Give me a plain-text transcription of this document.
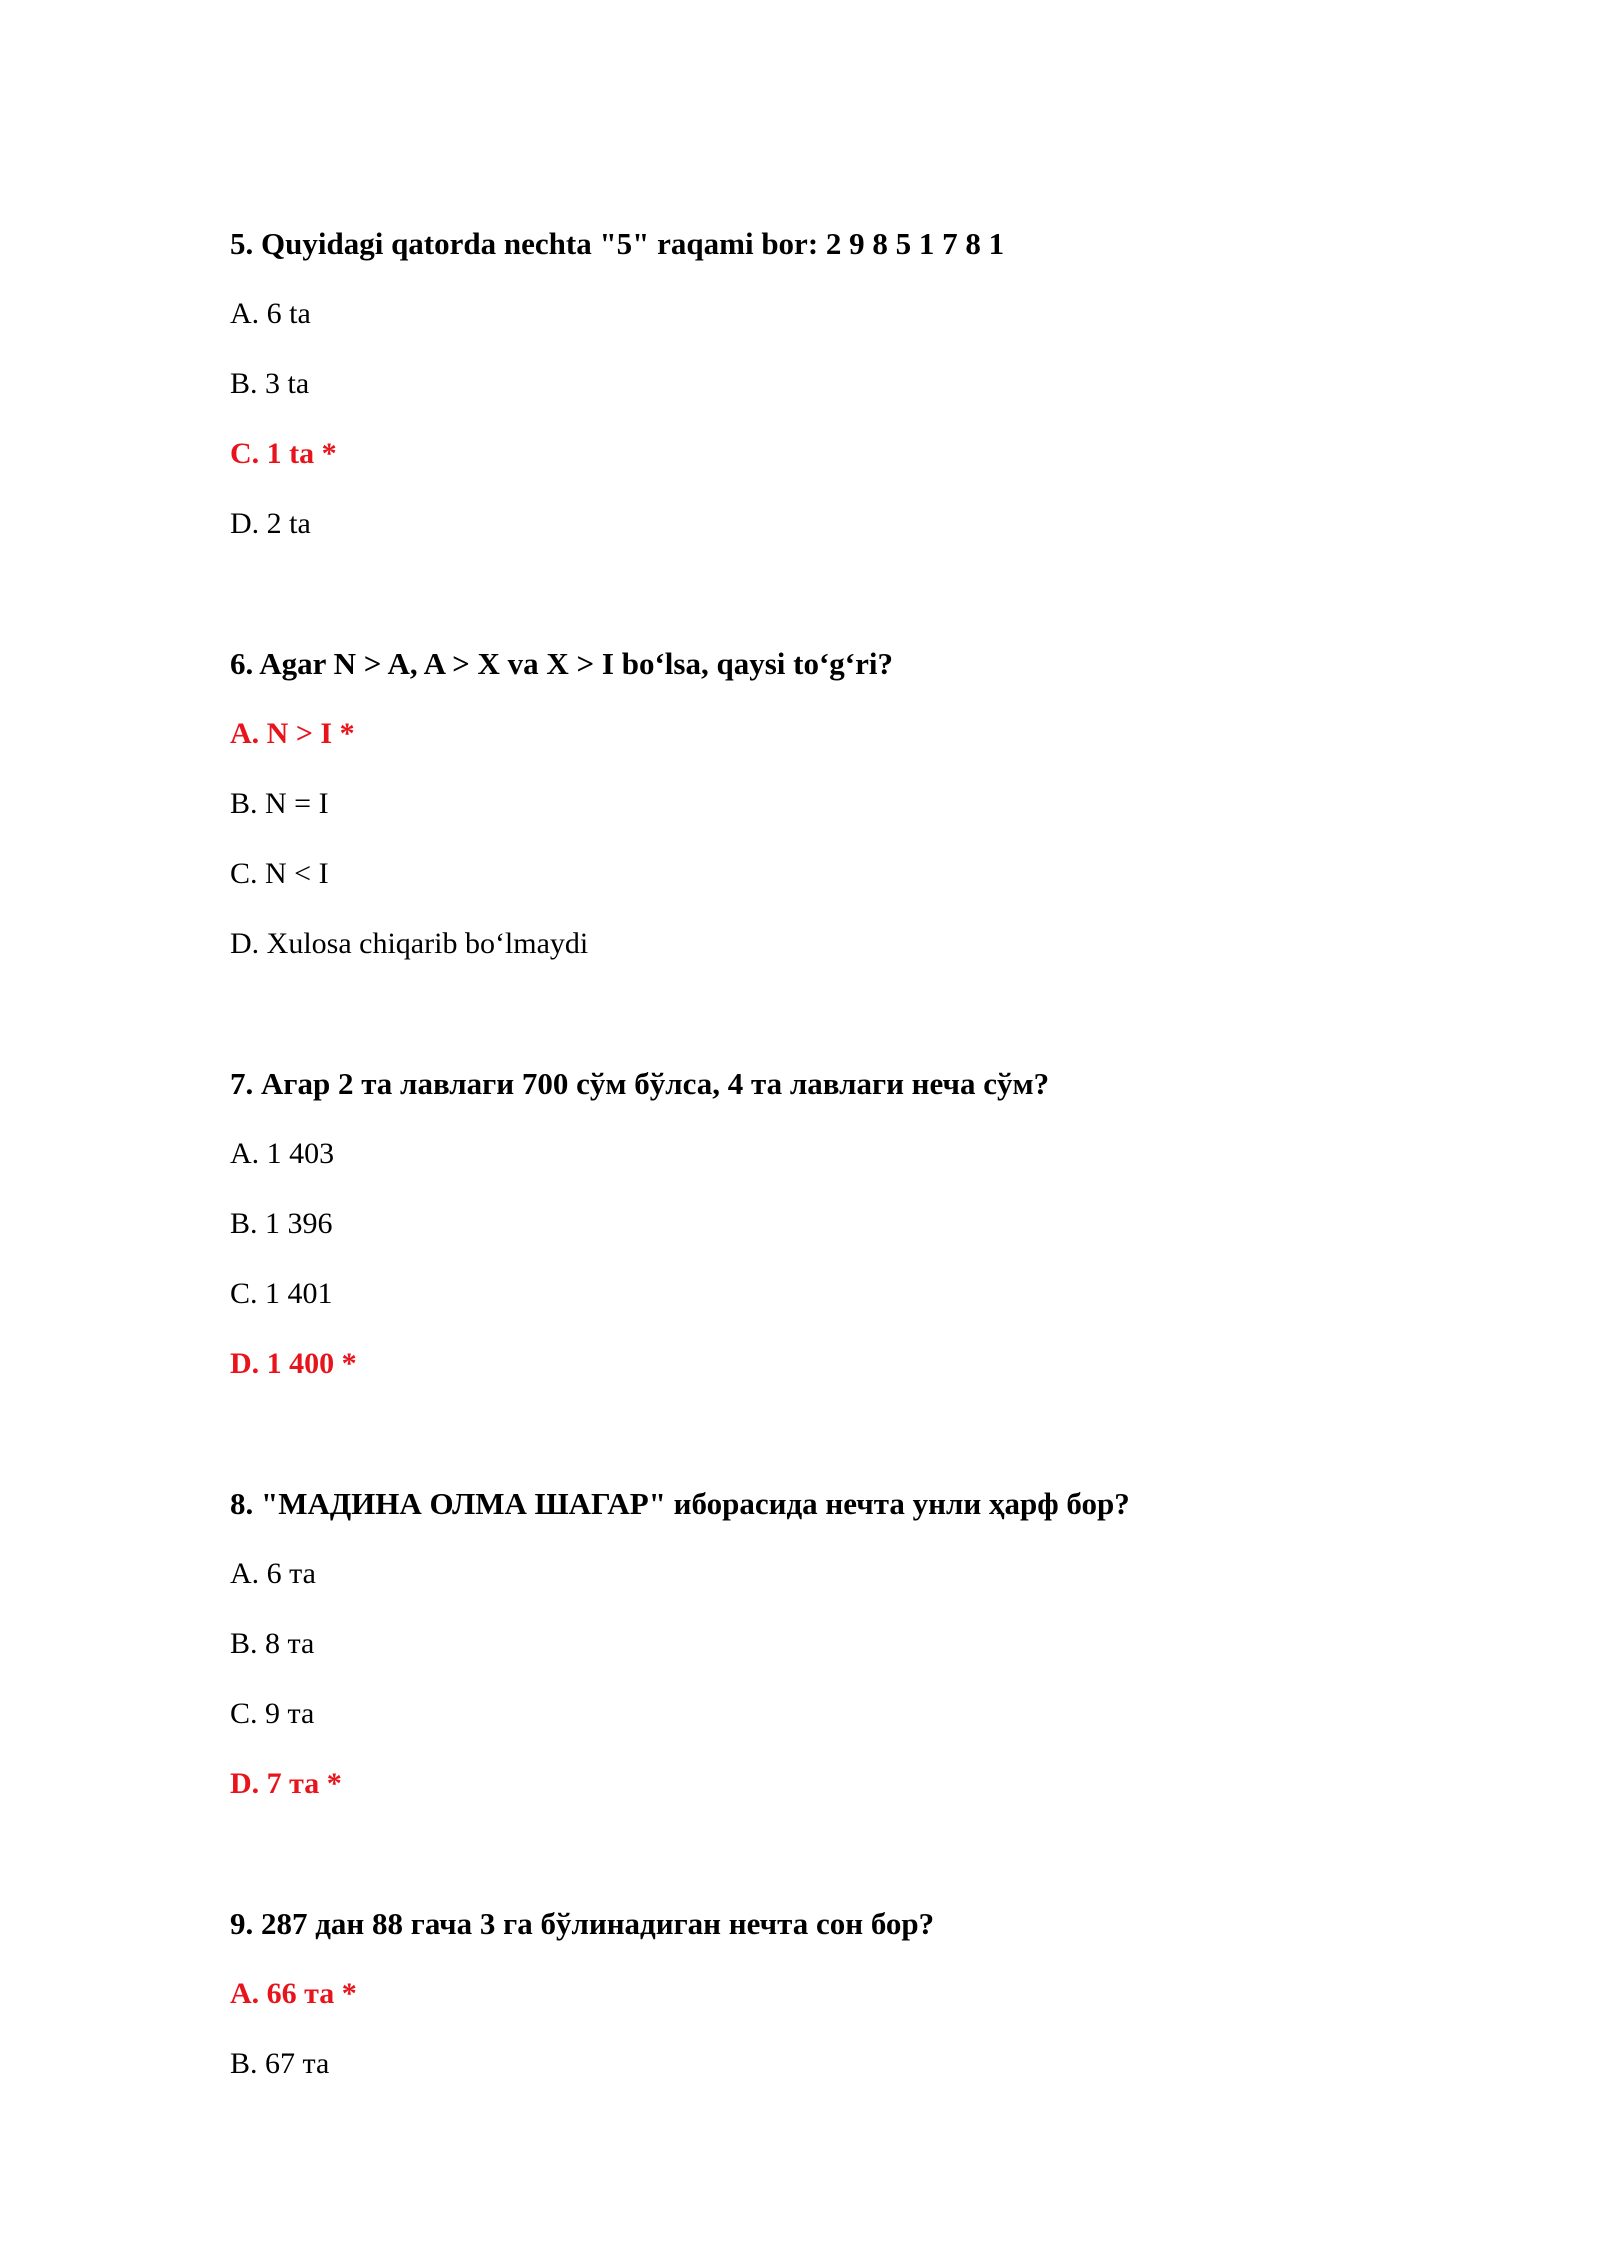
5. Quyidagi qatorda nechta "5" raqami bor: 2 9 8 5 1 7 8 1

A. 6 ta

B. 3 ta

C. 1 ta *

D. 2 ta

6. Agar N > A, A > X va X > I bo‘lsa, qaysi to‘g‘ri?

A. N > I *

B. N = I

C. N < I

D. Xulosa chiqarib bo‘lmaydi

7. Агар 2 та лавлаги 700 сўм бўлса, 4 та лавлаги неча сўм?

A. 1 403

B. 1 396

C. 1 401

D. 1 400 *

8. "МАДИНА ОЛМА ШАГАР" иборасида нечта унли ҳарф бор?

A. 6 та

B. 8 та

C. 9 та

D. 7 та *

9. 287 дан 88 гача 3 га бўлинадиган нечта сон бор?

A. 66 та *

B. 67 та
